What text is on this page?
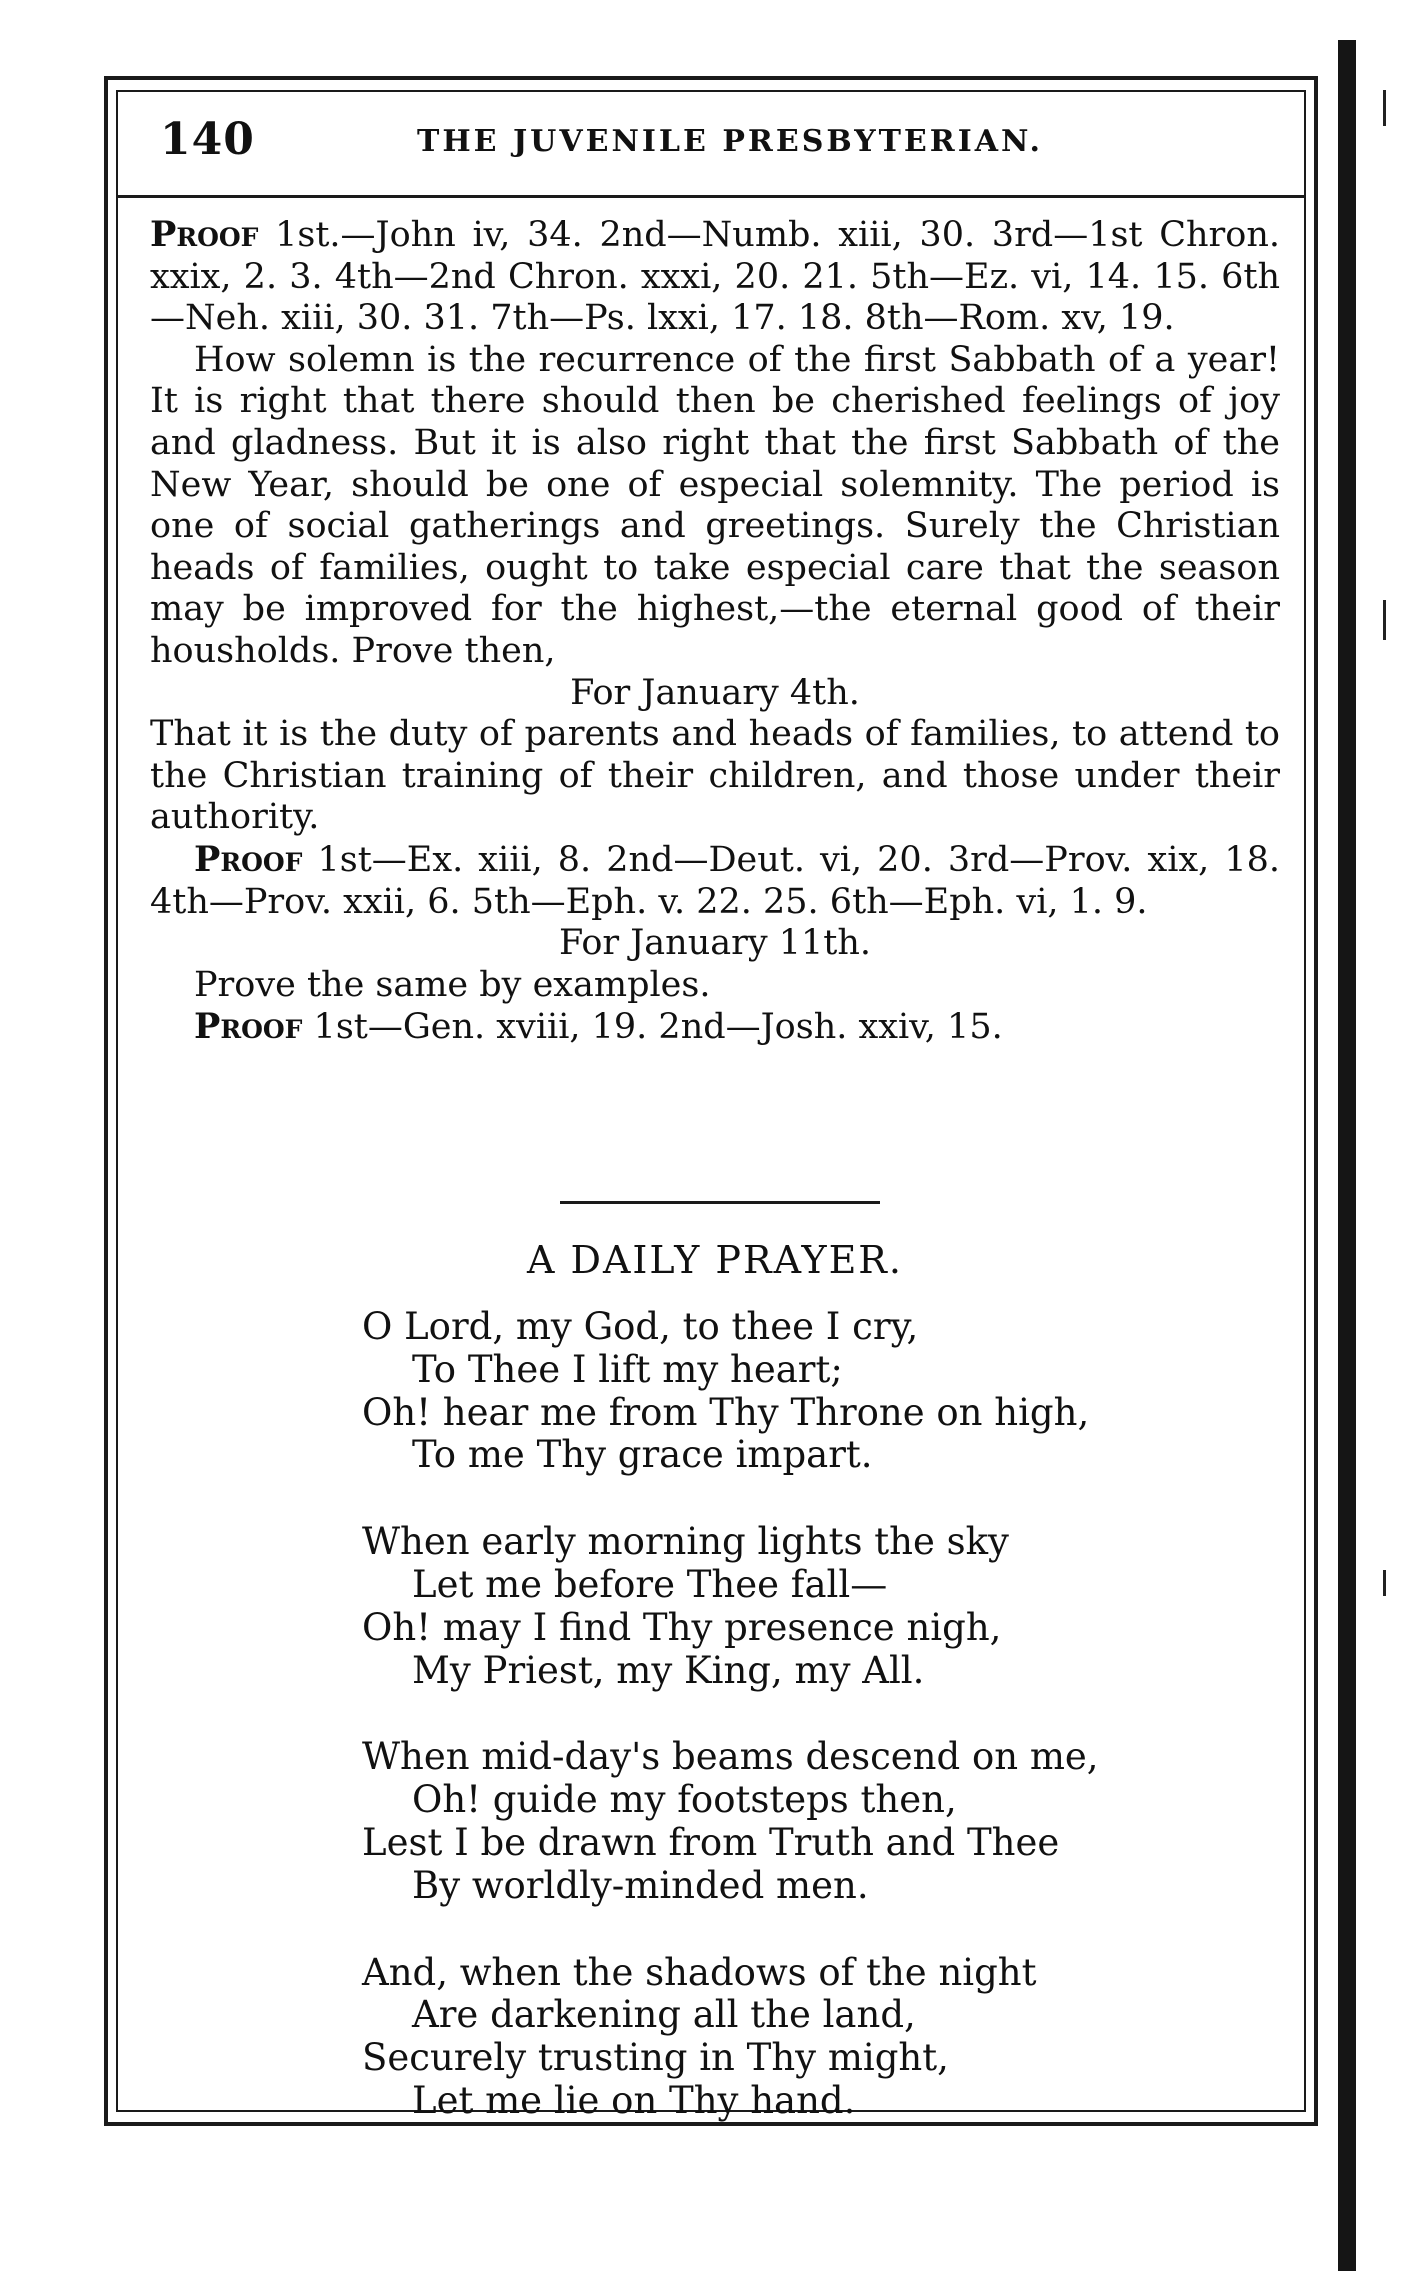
140	THE JUVENILE PRESBYTERIAN.

Proof 1st.—John iv, 34. 2nd—Numb. xiii, 30. 3rd—1st Chron. xxix, 2. 3. 4th—2nd Chron. xxxi, 20. 21. 5th—Ez. vi, 14. 15. 6th—Neh. xiii, 30. 31. 7th—Ps. lxxi, 17. 18. 8th—Rom. xv, 19.

How solemn is the recurrence of the first Sabbath of a year! It is right that there should then be cherished feelings of joy and gladness. But it is also right that the first Sabbath of the New Year, should be one of especial solemnity. The period is one of social gatherings and greetings. Surely the Christian heads of families, ought to take especial care that the season may be improved for the highest,—the eternal good of their housholds. Prove then,

For January 4th.

That it is the duty of parents and heads of families, to attend to the Christian training of their children, and those under their authority.

Proof 1st—Ex. xiii, 8. 2nd—Deut. vi, 20. 3rd—Prov. xix, 18. 4th—Prov. xxii, 6. 5th—Eph. v. 22. 25. 6th—Eph. vi, 1. 9.

For January 11th.

Prove the same by examples.

Proof 1st—Gen. xviii, 19. 2nd—Josh. xxiv, 15.

A DAILY PRAYER.
O Lord, my God, to thee I cry,
To Thee I lift my heart;
Oh! hear me from Thy Throne on high,
To me Thy grace impart.
When early morning lights the sky
Let me before Thee fall—
Oh! may I find Thy presence nigh,
My Priest, my King, my All.
When mid-day's beams descend on me,
Oh! guide my footsteps then,
Lest I be drawn from Truth and Thee
By worldly-minded men.
And, when the shadows of the night
Are darkening all the land,
Securely trusting in Thy might,
Let me lie on Thy hand.
